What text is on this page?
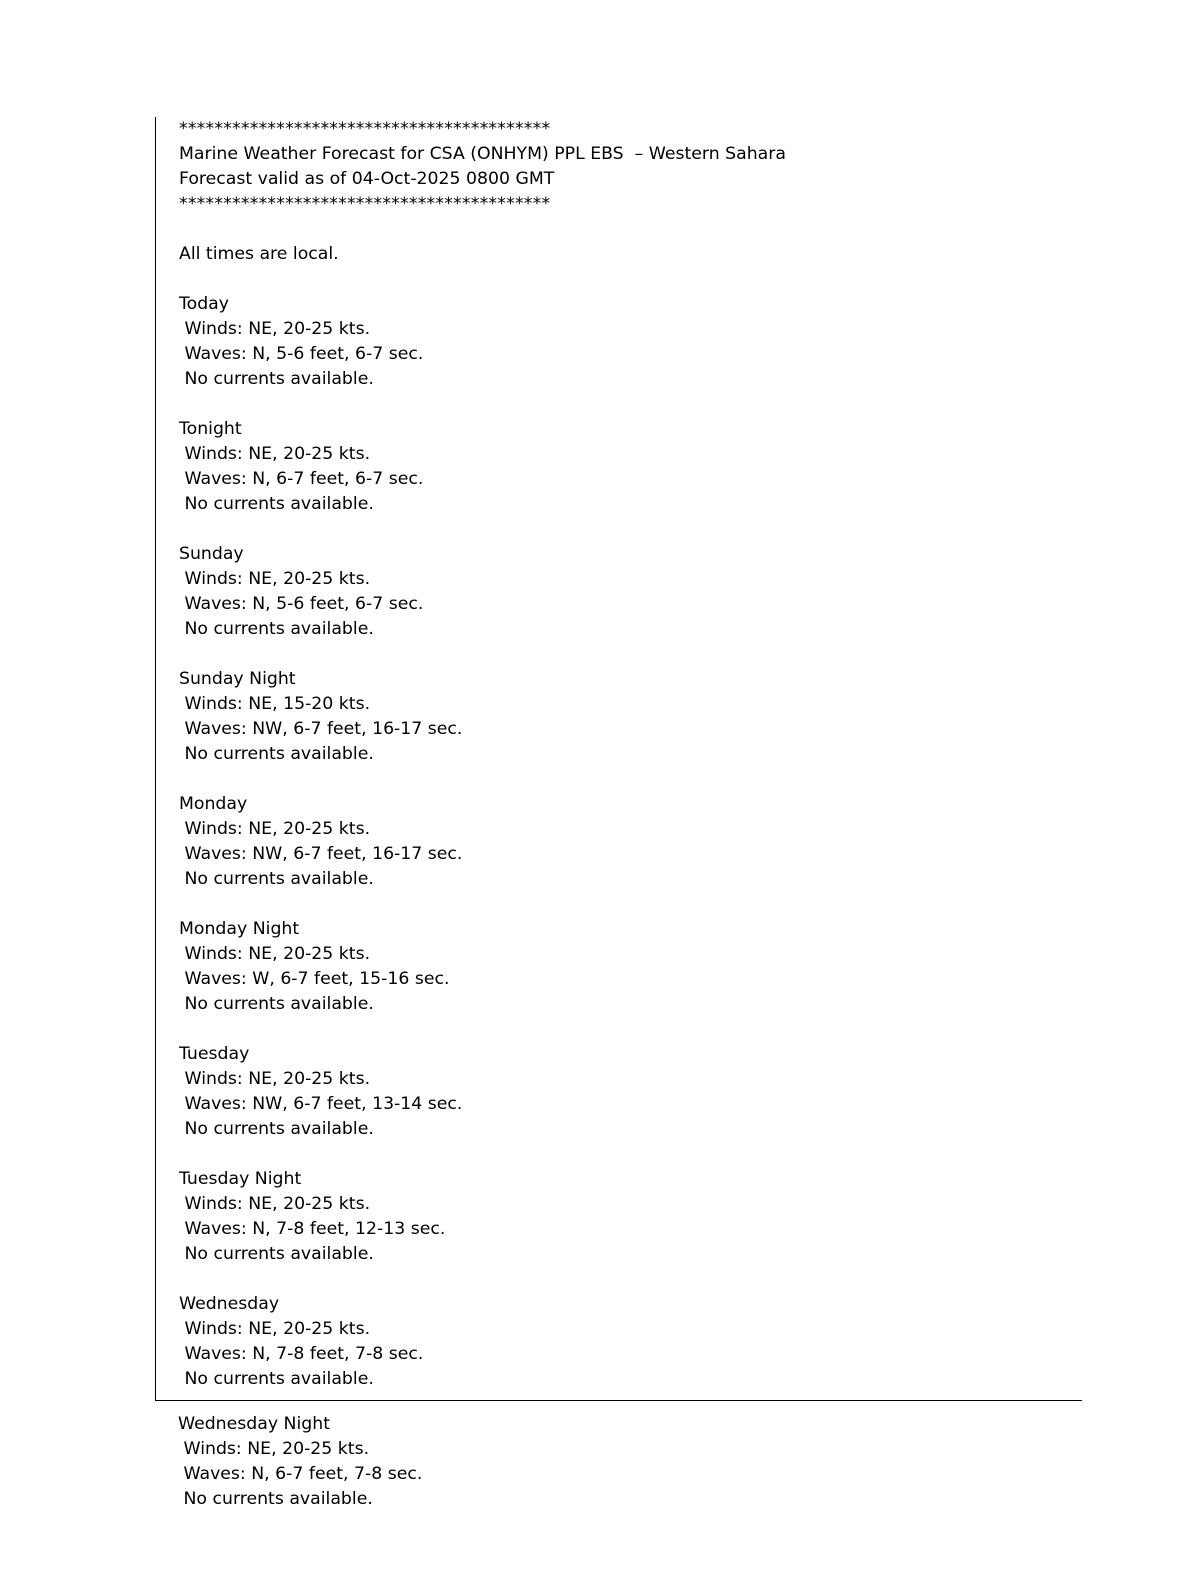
******************************************
Marine Weather Forecast for CSA (ONHYM) PPL EBS  – Western Sahara
Forecast valid as of 04-Oct-2025 0800 GMT
******************************************
All times are local.
Today
Winds: NE, 20-25 kts.
Waves: N, 5-6 feet, 6-7 sec.
No currents available.
Tonight
Winds: NE, 20-25 kts.
Waves: N, 6-7 feet, 6-7 sec.
No currents available.
Sunday
Winds: NE, 20-25 kts.
Waves: N, 5-6 feet, 6-7 sec.
No currents available.
Sunday Night
Winds: NE, 15-20 kts.
Waves: NW, 6-7 feet, 16-17 sec.
No currents available.
Monday
Winds: NE, 20-25 kts.
Waves: NW, 6-7 feet, 16-17 sec.
No currents available.
Monday Night
Winds: NE, 20-25 kts.
Waves: W, 6-7 feet, 15-16 sec.
No currents available.
Tuesday
Winds: NE, 20-25 kts.
Waves: NW, 6-7 feet, 13-14 sec.
No currents available.
Tuesday Night
Winds: NE, 20-25 kts.
Waves: N, 7-8 feet, 12-13 sec.
No currents available.
Wednesday
Winds: NE, 20-25 kts.
Waves: N, 7-8 feet, 7-8 sec.
No currents available.
Wednesday Night
Winds: NE, 20-25 kts.
Waves: N, 6-7 feet, 7-8 sec.
No currents available.
